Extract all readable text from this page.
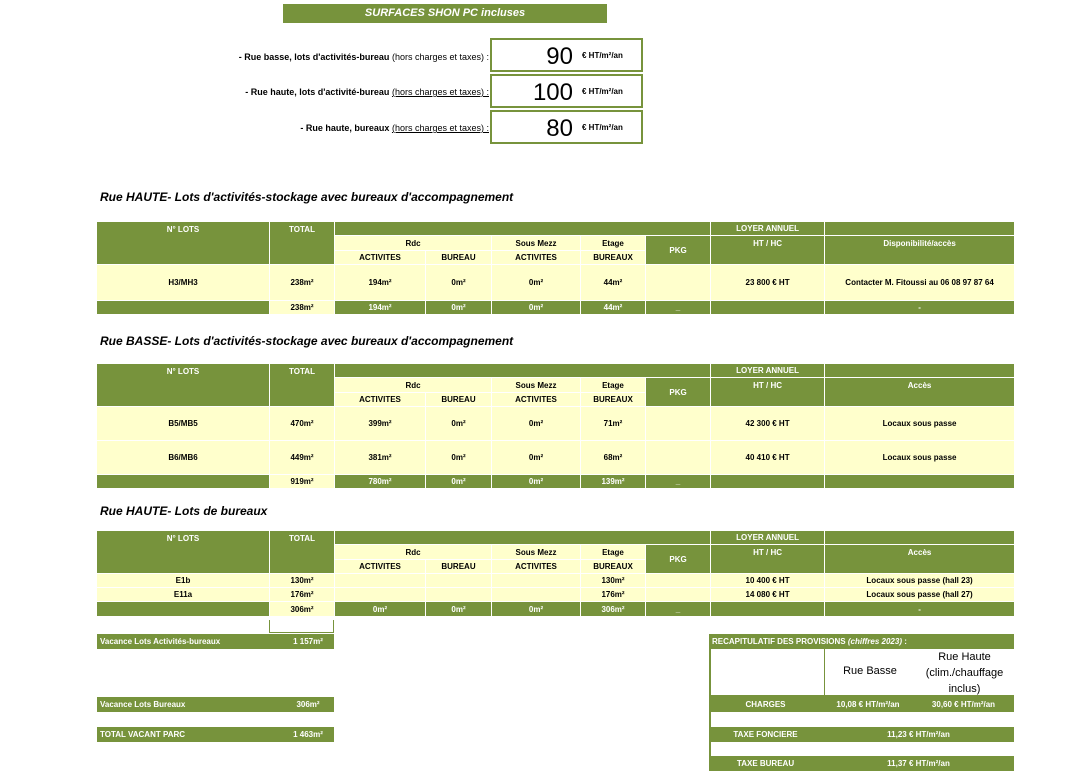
SURFACES SHON PC incluses
- Rue basse, lots d'activités-bureau (hors charges et taxes) : 90 € HT/m²/an
- Rue haute, lots d'activité-bureau (hors charges et taxes) : 100 € HT/m²/an
- Rue haute, bureaux (hors charges et taxes) : 80 € HT/m²/an
Rue HAUTE- Lots d'activités-stockage avec bureaux d'accompagnement
N° LOTS	TOTAL						LOYER ANNUEL	
		Rdc		Sous Mezz	Etage	PKG	HT / HC	Disponibilité/accès
		ACTIVITES	BUREAU	ACTIVITES	BUREAUX			
H3/MH3	238m²	194m²	0m²	0m²	44m²		23 800 € HT	Contacter M. Fitoussi au 06 08 97 87 64
	238m²	194m²	0m²	0m²	44m²	_		-
Rue BASSE- Lots d'activités-stockage avec bureaux d'accompagnement
N° LOTS	TOTAL						LOYER ANNUEL	
		Rdc		Sous Mezz	Etage	PKG	HT / HC	Accès
		ACTIVITES	BUREAU	ACTIVITES	BUREAUX			
B5/MB5	470m²	399m²	0m²	0m²	71m²		42 300 € HT	Locaux sous passe
B6/MB6	449m²	381m²	0m²	0m²	68m²		40 410 € HT	Locaux sous passe
	919m²	780m²	0m²	0m²	139m²	_		
Rue HAUTE- Lots de bureaux
N° LOTS	TOTAL						LOYER ANNUEL	
		Rdc		Sous Mezz	Etage	PKG	HT / HC	Accès
		ACTIVITES	BUREAU	ACTIVITES	BUREAUX			
E1b	130m²				130m²		10 400 € HT	Locaux sous passe (hall 23)
E11a	176m²				176m²		14 080 € HT	Locaux sous passe (hall 27)
	306m²	0m²	0m²	0m²	306m²	_		-
Vacance Lots Activités-bureaux	1 157m²
Vacance Lots Bureaux	306m²
TOTAL VACANT PARC	1 463m²
RECAPITULATIF DES PROVISIONS (chiffres 2023) :
Rue Basse
Rue Haute
(clim./chauffage
inclus)
CHARGES	10,08 € HT/m²/an	30,60 € HT/m²/an
TAXE FONCIERE	11,23 € HT/m²/an
TAXE BUREAU	11,37 € HT/m²/an
